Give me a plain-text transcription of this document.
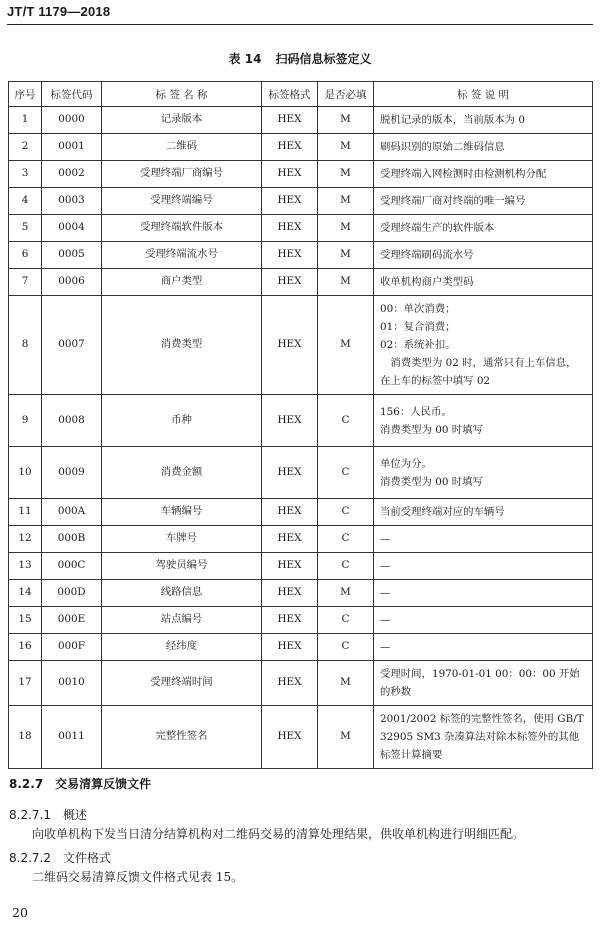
JT/T 1179—2018
表 14 扫码信息标签定义
序号	标签代码	标 签 名 称	标签格式	是否必填	标 签 说 明
1	0000	记录版本	HEX	M	脱机记录的版本，当前版本为 0

2	0001	二维码	HEX	M	刷码识别的原始二维码信息

3	0002	受理终端厂商编号	HEX	M	受理终端入网检测时由检测机构分配

4	0003	受理终端编号	HEX	M	受理终端厂商对终端的唯一编号

5	0004	受理终端软件版本	HEX	M	受理终端生产的软件版本

6	0005	受理终端流水号	HEX	M	受理终端刷码流水号

7	0006	商户类型	HEX	M	收单机构商户类型码

8	0007	消费类型	HEX	M	00：单次消费；
01：复合消费；
02：系统补扣。
消费类型为 02 时，通常只有上车信息，在上车的标签中填写 02

9	0008	币种	HEX	C	156：人民币。
消费类型为 00 时填写

10	0009	消费金额	HEX	C	单位为分。
消费类型为 00 时填写

11	000A	车辆编号	HEX	C	当前受理终端对应的车辆号

12	000B	车牌号	HEX	C	—

13	000C	驾驶员编号	HEX	C	—

14	000D	线路信息	HEX	M	—

15	000E	站点编号	HEX	C	—

16	000F	经纬度	HEX	C	—

17	0010	受理终端时间	HEX	M	受理时间，1970-01-01 00：00：00 开始的秒数

18	0011	完整性签名	HEX	M	2001/2002 标签的完整性签名，使用 GB/T 32905 SM3 杂凑算法对除本标签外的其他标签计算摘要
8.2.7 交易清算反馈文件
8.2.7.1 概述
向收单机构下发当日清分结算机构对二维码交易的清算处理结果，供收单机构进行明细匹配。
8.2.7.2 文件格式
二维码交易清算反馈文件格式见表 15。
20
